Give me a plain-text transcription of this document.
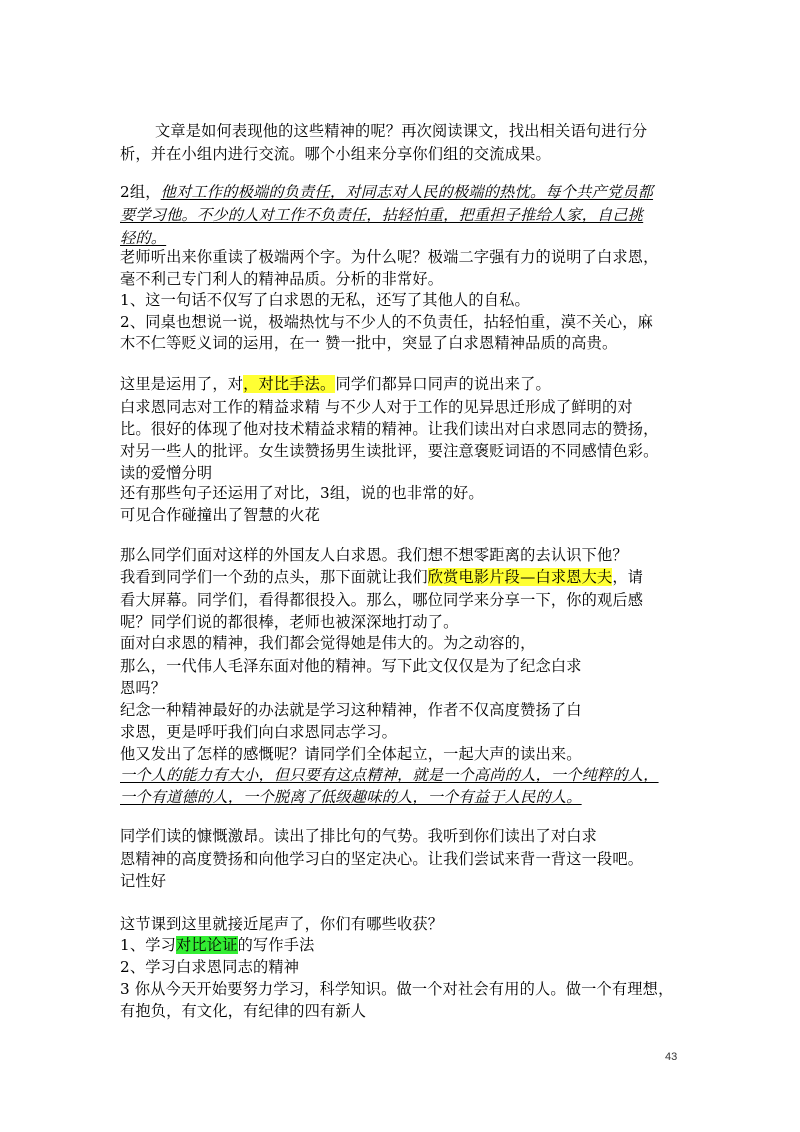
文章是如何表现他的这些精神的呢？再次阅读课文，找出相关语句进行分
析，并在小组内进行交流。哪个小组来分享你们组的交流成果。
2组，他对工作的极端的负责任，对同志对人民的极端的热忱。每个共产党员都
要学习他。不少的人对工作不负责任，拈轻怕重，把重担子推给人家，自己挑
轻的。
老师听出来你重读了极端两个字。为什么呢？极端二字强有力的说明了白求恩，
毫不利己专门利人的精神品质。分析的非常好。
1、这一句话不仅写了白求恩的无私，还写了其他人的自私。
2、同桌也想说一说，极端热忱与不少人的不负责任，拈轻怕重，漠不关心，麻
木不仁等贬义词的运用，在一 赞一批中，突显了白求恩精神品质的高贵。
这里是运用了，对，对比手法。同学们都异口同声的说出来了。
白求恩同志对工作的精益求精 与不少人对于工作的见异思迁形成了鲜明的对
比。很好的体现了他对技术精益求精的精神。让我们读出对白求恩同志的赞扬，
对另一些人的批评。女生读赞扬男生读批评，要注意褒贬词语的不同感情色彩。
读的爱憎分明
还有那些句子还运用了对比，3组，说的也非常的好。
可见合作碰撞出了智慧的火花
那么同学们面对这样的外国友人白求恩。我们想不想零距离的去认识下他？
我看到同学们一个劲的点头，那下面就让我们欣赏电影片段—白求恩大夫，请
看大屏幕。同学们，看得都很投入。那么，哪位同学来分享一下，你的观后感
呢？同学们说的都很棒，老师也被深深地打动了。
面对白求恩的精神，我们都会觉得她是伟大的。为之动容的，
那么，一代伟人毛泽东面对他的精神。写下此文仅仅是为了纪念白求
恩吗？
纪念一种精神最好的办法就是学习这种精神，作者不仅高度赞扬了白
求恩，更是呼吁我们向白求恩同志学习。
他又发出了怎样的感慨呢？请同学们全体起立，一起大声的读出来。
一个人的能力有大小，但只要有这点精神，就是一个高尚的人，一个纯粹的人，
一个有道德的人，一个脱离了低级趣味的人，一个有益于人民的人。
同学们读的慷慨激昂。读出了排比句的气势。我听到你们读出了对白求
恩精神的高度赞扬和向他学习白的坚定决心。让我们尝试来背一背这一段吧。
记性好
这节课到这里就接近尾声了，你们有哪些收获？
1、学习对比论证的写作手法
2、学习白求恩同志的精神
3 你从今天开始要努力学习，科学知识。做一个对社会有用的人。做一个有理想，
有抱负，有文化，有纪律的四有新人
43
